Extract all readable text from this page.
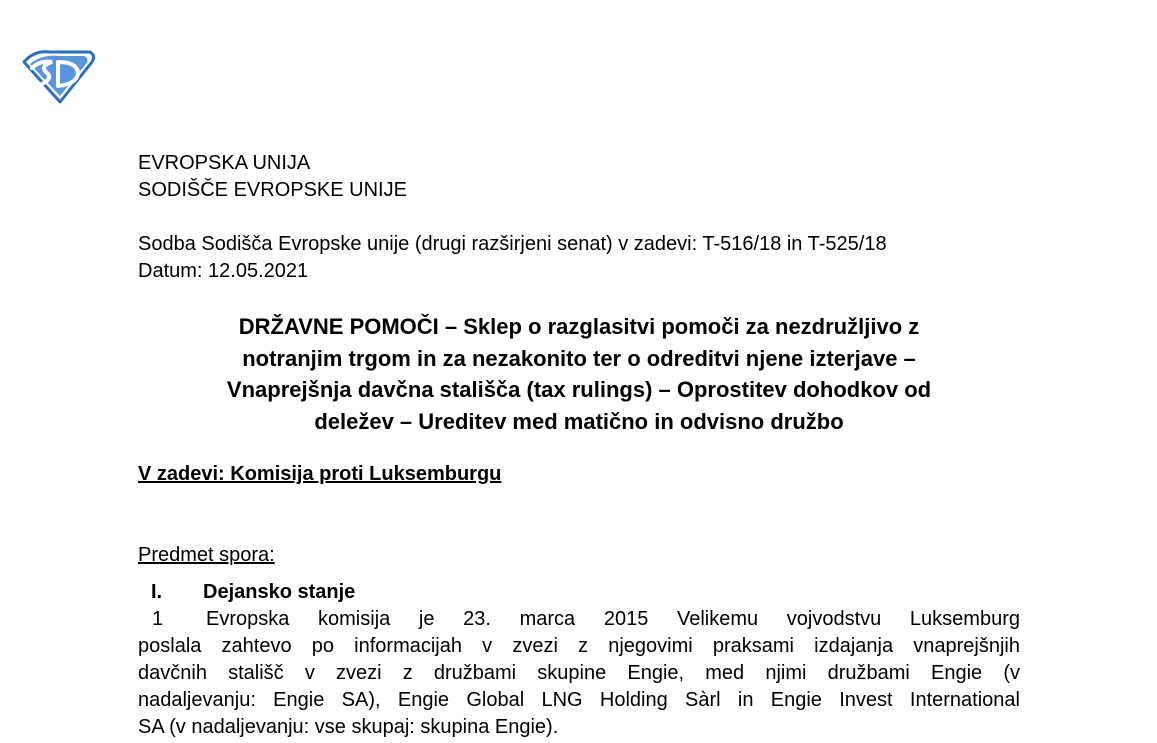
EVROPSKA UNIJA
SODIŠČE EVROPSKE UNIJE
Sodba Sodišča Evropske unije (drugi razširjeni senat) v zadevi: T-516/18 in T-525/18
Datum: 12.05.2021
DRŽAVNE POMOČI – Sklep o razglasitvi pomoči za nezdružljivo z
notranjim trgom in za nezakonito ter o odreditvi njene izterjave –
Vnaprejšnja davčna stališča (tax rulings) – Oprostitev dohodkov od
deležev – Ureditev med matično in odvisno družbo
V zadevi: Komisija proti Luksemburgu
Predmet spora:
I. Dejansko stanje
1 Evropska komisija je 23. marca 2015 Velikemu vojvodstvu Luksemburg
poslala zahtevo po informacijah v zvezi z njegovimi praksami izdajanja vnaprejšnjih
davčnih stališč v zvezi z družbami skupine Engie, med njimi družbami Engie (v
nadaljevanju: Engie SA), Engie Global LNG Holding Sàrl in Engie Invest International
SA (v nadaljevanju: vse skupaj: skupina Engie).
